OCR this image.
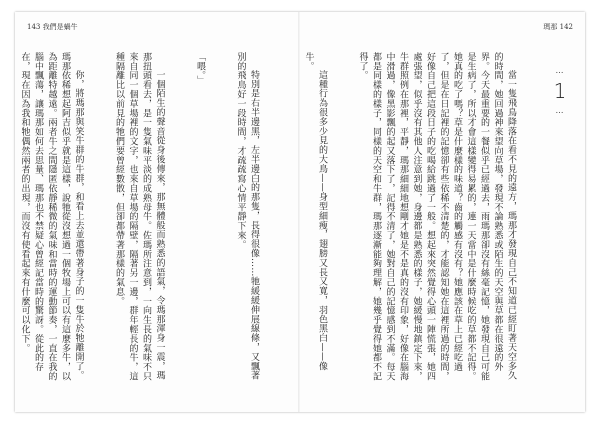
143 我們是蝸牛

特別是右半邊黑，左半邊白的那隻，長得很像……牠緩緩伸展線條，又飄著別的飛鳥好一段時間，才疏疏寫心情平靜下來。

「喂。」

一個陌生的聲音從身後傳來，那無體般而熟悉的語氣，令瑪那渾身一震，瑪那扭頭看去，是一隻氣味平淡的成熟母牛。佐瑪所注意到，一向生長的氣味不只來自同一個草場裡的文字，也來自草場的隔壁，隔著另一邊，群年輕長的牛，這種隔離比以前見的牠們要曾經數散，但卻都帶著那樣的氣息。

你，將瑪那與笑牛群的牛群，和看上去並還帶著身子的一隻牛於牠離開了。瑪那依稀想起阿吉似乎就是這樣，說牠從沒想過一個牧場上可以有這麼多牛，以為距離特越遠。兩者牛之間隱匿依靜稀微的氣味和當時的運動節奏，一直在我的腦中飄蕩，讓瑪那如何去思量、瑪那也不禁疑心曾經記當時的驚訝。從此的存在，現在因為我和牠偶然兩者的出現，而沒有使看起來有什麼可以化下。

瑪那 142
…
1
…

當一隻飛鳥降落在看不見的遠方，瑪那才發現自己不知道已經盯著天空多久的時間，她回過神來望向草場，發現不論熟悉或陌生的天空與草都在很遠的外界。今天最重要的一餐似乎已經過去，雨瑪那卻沒有絲毫記憶，她發現自己可能是生病了，所以才會這樣變得易累的，連一天當中是什麼時候吃的草都不記得。她真的吃了嗎？草是什麼樣的味道？齒的觸感有沒有？她應該在草上已經吃過了，但是在日記裡的記憶卻有些依稀不清楚的，才能認知她在這裡所過的時間，好像自己把這段日子的吃喝給跳過了一般。想起來突然覺得心頭一陣慌張，她四處張望，似乎沒有其他人注意到她，身邊都是熟悉的樣子，她緩慢地鎮定下來，牛群照例在那裡，平靜，瑪那細細地想剛才她是不是真的沒有印象，好像在腦海中滑過，像黑影飄的起又落下了，記得不清了，她對自己的記憶感到不滿。每天都是同樣的樣子，同樣的天空和牛群，瑪那逐漸能夠理解，她幾乎覺得她都不記得了。

這種行為很多少見的大鳥——身型細瘦，翅膀又長又寬，羽色黑白——像牛。
